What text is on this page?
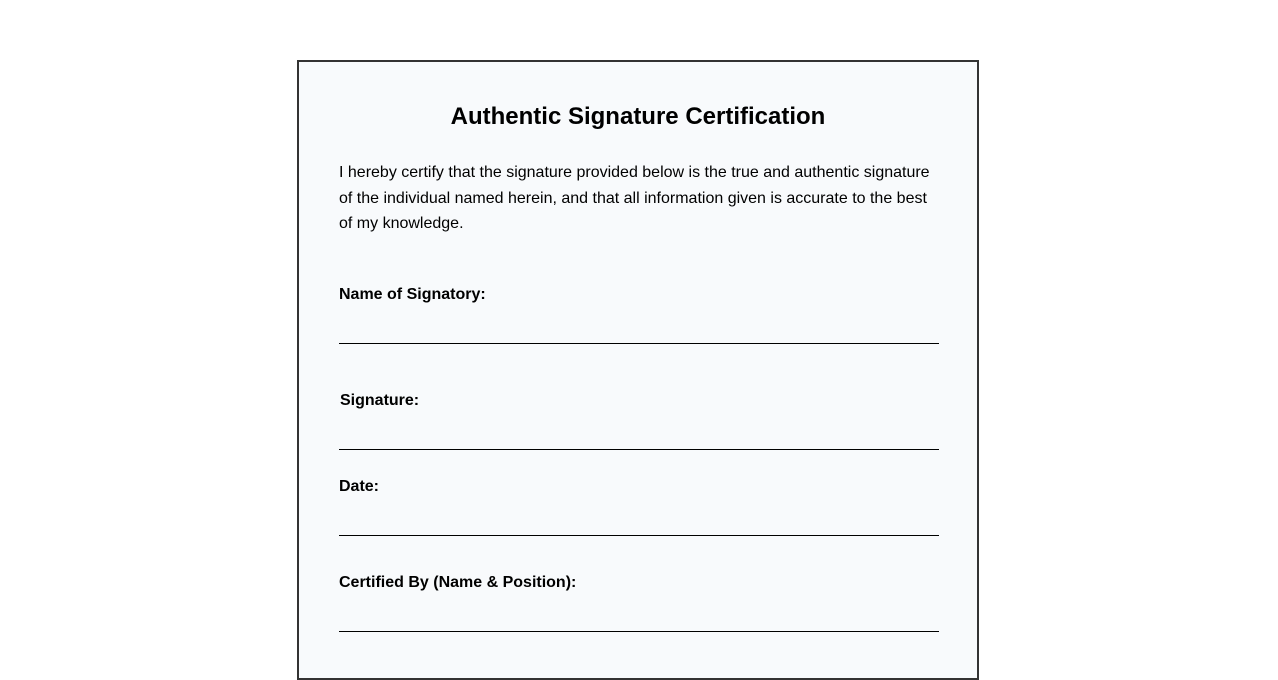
Authentic Signature Certification

I hereby certify that the signature provided below is the true and authentic signature of the individual named herein, and that all information given is accurate to the best of my knowledge.

Name of Signatory:
Signature:
Date:
Certified By (Name & Position):
